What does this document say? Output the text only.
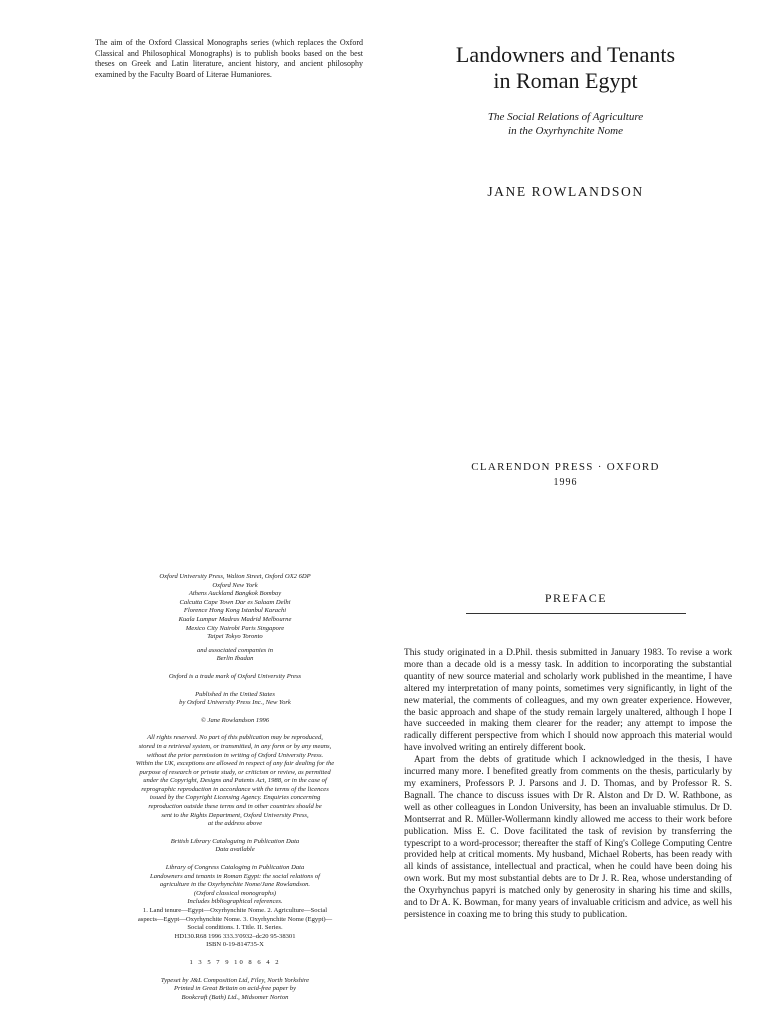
The aim of the Oxford Classical Monographs series (which replaces the Oxford Classical and Philosophical Monographs) is to publish books based on the best theses on Greek and Latin literature, ancient history, and ancient philosophy examined by the Faculty Board of Literae Humaniores.
Landowners and Tenants
in Roman Egypt
The Social Relations of Agriculture
in the Oxyrhynchite Nome
JANE ROWLANDSON
CLARENDON PRESS · OXFORD
1996
Oxford University Press, Walton Street, Oxford OX2 6DP
Oxford New York
Athens Auckland Bangkok Bombay
Calcutta Cape Town Dar es Salaam Delhi
Florence Hong Kong Istanbul Karachi
Kuala Lumpur Madras Madrid Melbourne
Mexico City Nairobi Paris Singapore
Taipei Tokyo Toronto
and associated companies in
Berlin Ibadan
Oxford is a trade mark of Oxford University Press
Published in the United States
by Oxford University Press Inc., New York
© Jane Rowlandson 1996
All rights reserved. No part of this publication may be reproduced,
stored in a retrieval system, or transmitted, in any form or by any means,
without the prior permission in writing of Oxford University Press.
Within the UK, exceptions are allowed in respect of any fair dealing for the
purpose of research or private study, or criticism or review, as permitted
under the Copyright, Designs and Patents Act, 1988, or in the case of
reprographic reproduction in accordance with the terms of the licences
issued by the Copyright Licensing Agency. Enquiries concerning
reproduction outside these terms and in other countries should be
sent to the Rights Department, Oxford University Press,
at the address above
British Library Cataloguing in Publication Data
Data available
Library of Congress Cataloging in Publication Data
Landowners and tenants in Roman Egypt: the social relations of
agriculture in the Oxyrhynchite Nome/Jane Rowlandson.
(Oxford classical monographs)
Includes bibliographical references.
1. Land tenure—Egypt—Oxyrhynchite Nome. 2. Agriculture—Social
aspects—Egypt—Oxyrhynchite Nome. 3. Oxyrhynchite Nome (Egypt)—
Social conditions. I. Title. II. Series.
HD130.R68 1996 333.3′0932–dc20 95-38301
ISBN 0-19-814735-X
1 3 5 7 9 10 8 6 4 2
Typeset by J&L Composition Ltd, Filey, North Yorkshire
Printed in Great Britain on acid-free paper by
Bookcraft (Bath) Ltd., Midsomer Norton
PREFACE

This study originated in a D.Phil. thesis submitted in January 1983. To revise a work more than a decade old is a messy task. In addition to incorporating the substantial quantity of new source material and scholarly work published in the meantime, I have altered my interpretation of many points, sometimes very significantly, in light of the new material, the comments of colleagues, and my own greater experience. However, the basic approach and shape of the study remain largely unaltered, although I hope I have succeeded in making them clearer for the reader; any attempt to impose the radically different perspective from which I should now approach this material would have involved writing an entirely different book.

Apart from the debts of gratitude which I acknowledged in the thesis, I have incurred many more. I benefited greatly from comments on the thesis, particularly by my examiners, Professors P. J. Parsons and J. D. Thomas, and by Professor R. S. Bagnall. The chance to discuss issues with Dr R. Alston and Dr D. W. Rathbone, as well as other colleagues in London University, has been an invaluable stimulus. Dr D. Montserrat and R. Müller-Wollermann kindly allowed me access to their work before publication. Miss E. C. Dove facilitated the task of revision by transferring the typescript to a word-processor; thereafter the staff of King's College Computing Centre provided help at critical moments. My husband, Michael Roberts, has been ready with all kinds of assistance, intellectual and practical, when he could have been doing his own work. But my most substantial debts are to Dr J. R. Rea, whose understanding of the Oxyrhynchus papyri is matched only by generosity in sharing his time and skills, and to Dr A. K. Bowman, for many years of invaluable criticism and advice, as well his persistence in coaxing me to bring this study to publication.
